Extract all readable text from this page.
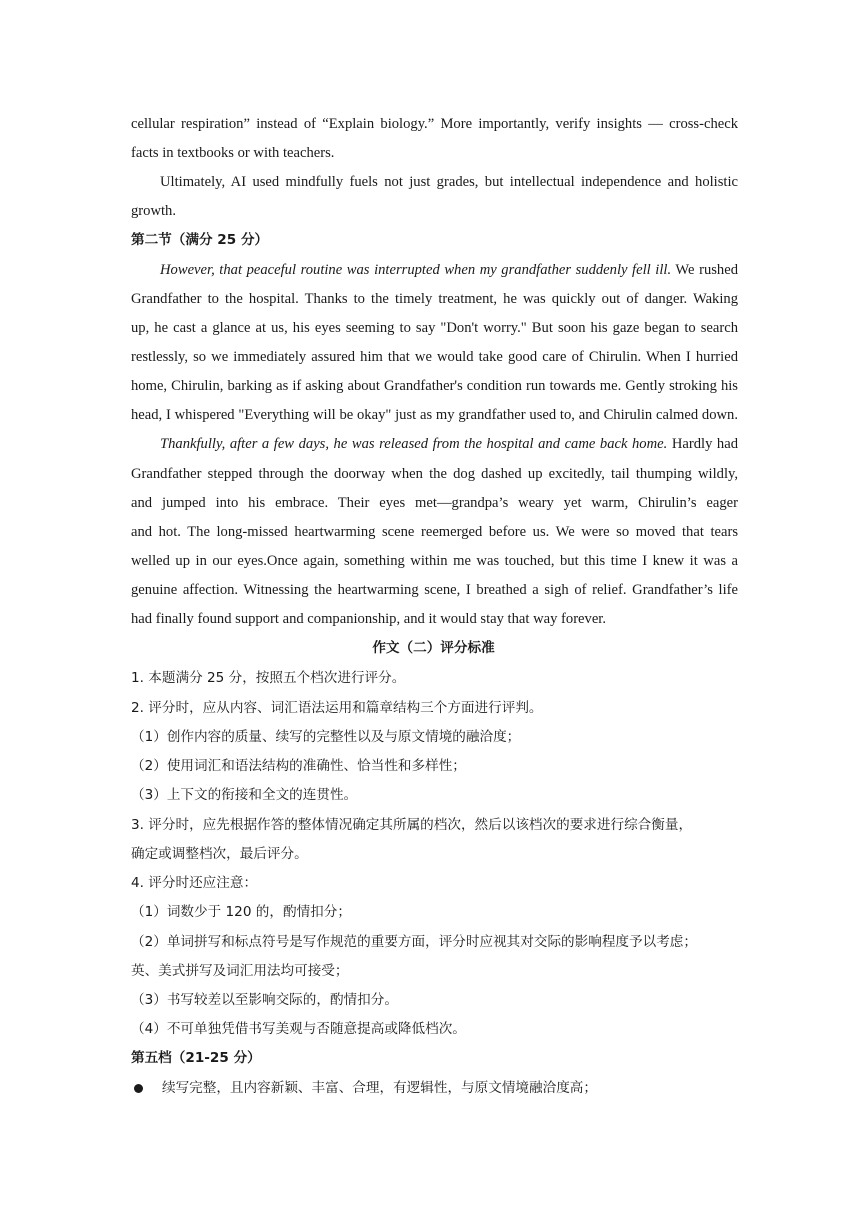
cellular respiration” instead of “Explain biology.” More importantly, verify insights — cross-check
facts in textbooks or with teachers.
Ultimately, AI used mindfully fuels not just grades, but intellectual independence and holistic
growth.
第二节（满分 25 分）
However, that peaceful routine was interrupted when my grandfather suddenly fell ill. We rushed
Grandfather to the hospital. Thanks to the timely treatment, he was quickly out of danger. Waking
up, he cast a glance at us, his eyes seeming to say "Don't worry." But soon his gaze began to search
restlessly, so we immediately assured him that we would take good care of Chirulin. When I hurried
home, Chirulin, barking as if asking about Grandfather's condition run towards me. Gently stroking his
head, I whispered "Everything will be okay" just as my grandfather used to, and Chirulin calmed down.
Thankfully, after a few days, he was released from the hospital and came back home. Hardly had
Grandfather stepped through the doorway when the dog dashed up excitedly, tail thumping wildly,
and jumped into his embrace. Their eyes met—grandpa’s weary yet warm, Chirulin’s eager
and hot. The long-missed heartwarming scene reemerged before us. We were so moved that tears
welled up in our eyes.Once again, something within me was touched, but this time I knew it was a
genuine affection. Witnessing the heartwarming scene, I breathed a sigh of relief. Grandfather’s life
had finally found support and companionship, and it would stay that way forever.
作文（二）评分标准
1. 本题满分 25 分，按照五个档次进行评分。
2. 评分时，应从内容、词汇语法运用和篇章结构三个方面进行评判。
（1）创作内容的质量、续写的完整性以及与原文情境的融洽度；
（2）使用词汇和语法结构的准确性、恰当性和多样性；
（3）上下文的衔接和全文的连贯性。
3. 评分时，应先根据作答的整体情况确定其所属的档次，然后以该档次的要求进行综合衡量，
确定或调整档次，最后评分。
4. 评分时还应注意：
（1）词数少于 120 的，酌情扣分；
（2）单词拼写和标点符号是写作规范的重要方面，评分时应视其对交际的影响程度予以考虑；
英、美式拼写及词汇用法均可接受；
（3）书写较差以至影响交际的，酌情扣分。
（4）不可单独凭借书写美观与否随意提高或降低档次。
第五档（21-25 分）
续写完整，且内容新颖、丰富、合理，有逻辑性，与原文情境融洽度高；
